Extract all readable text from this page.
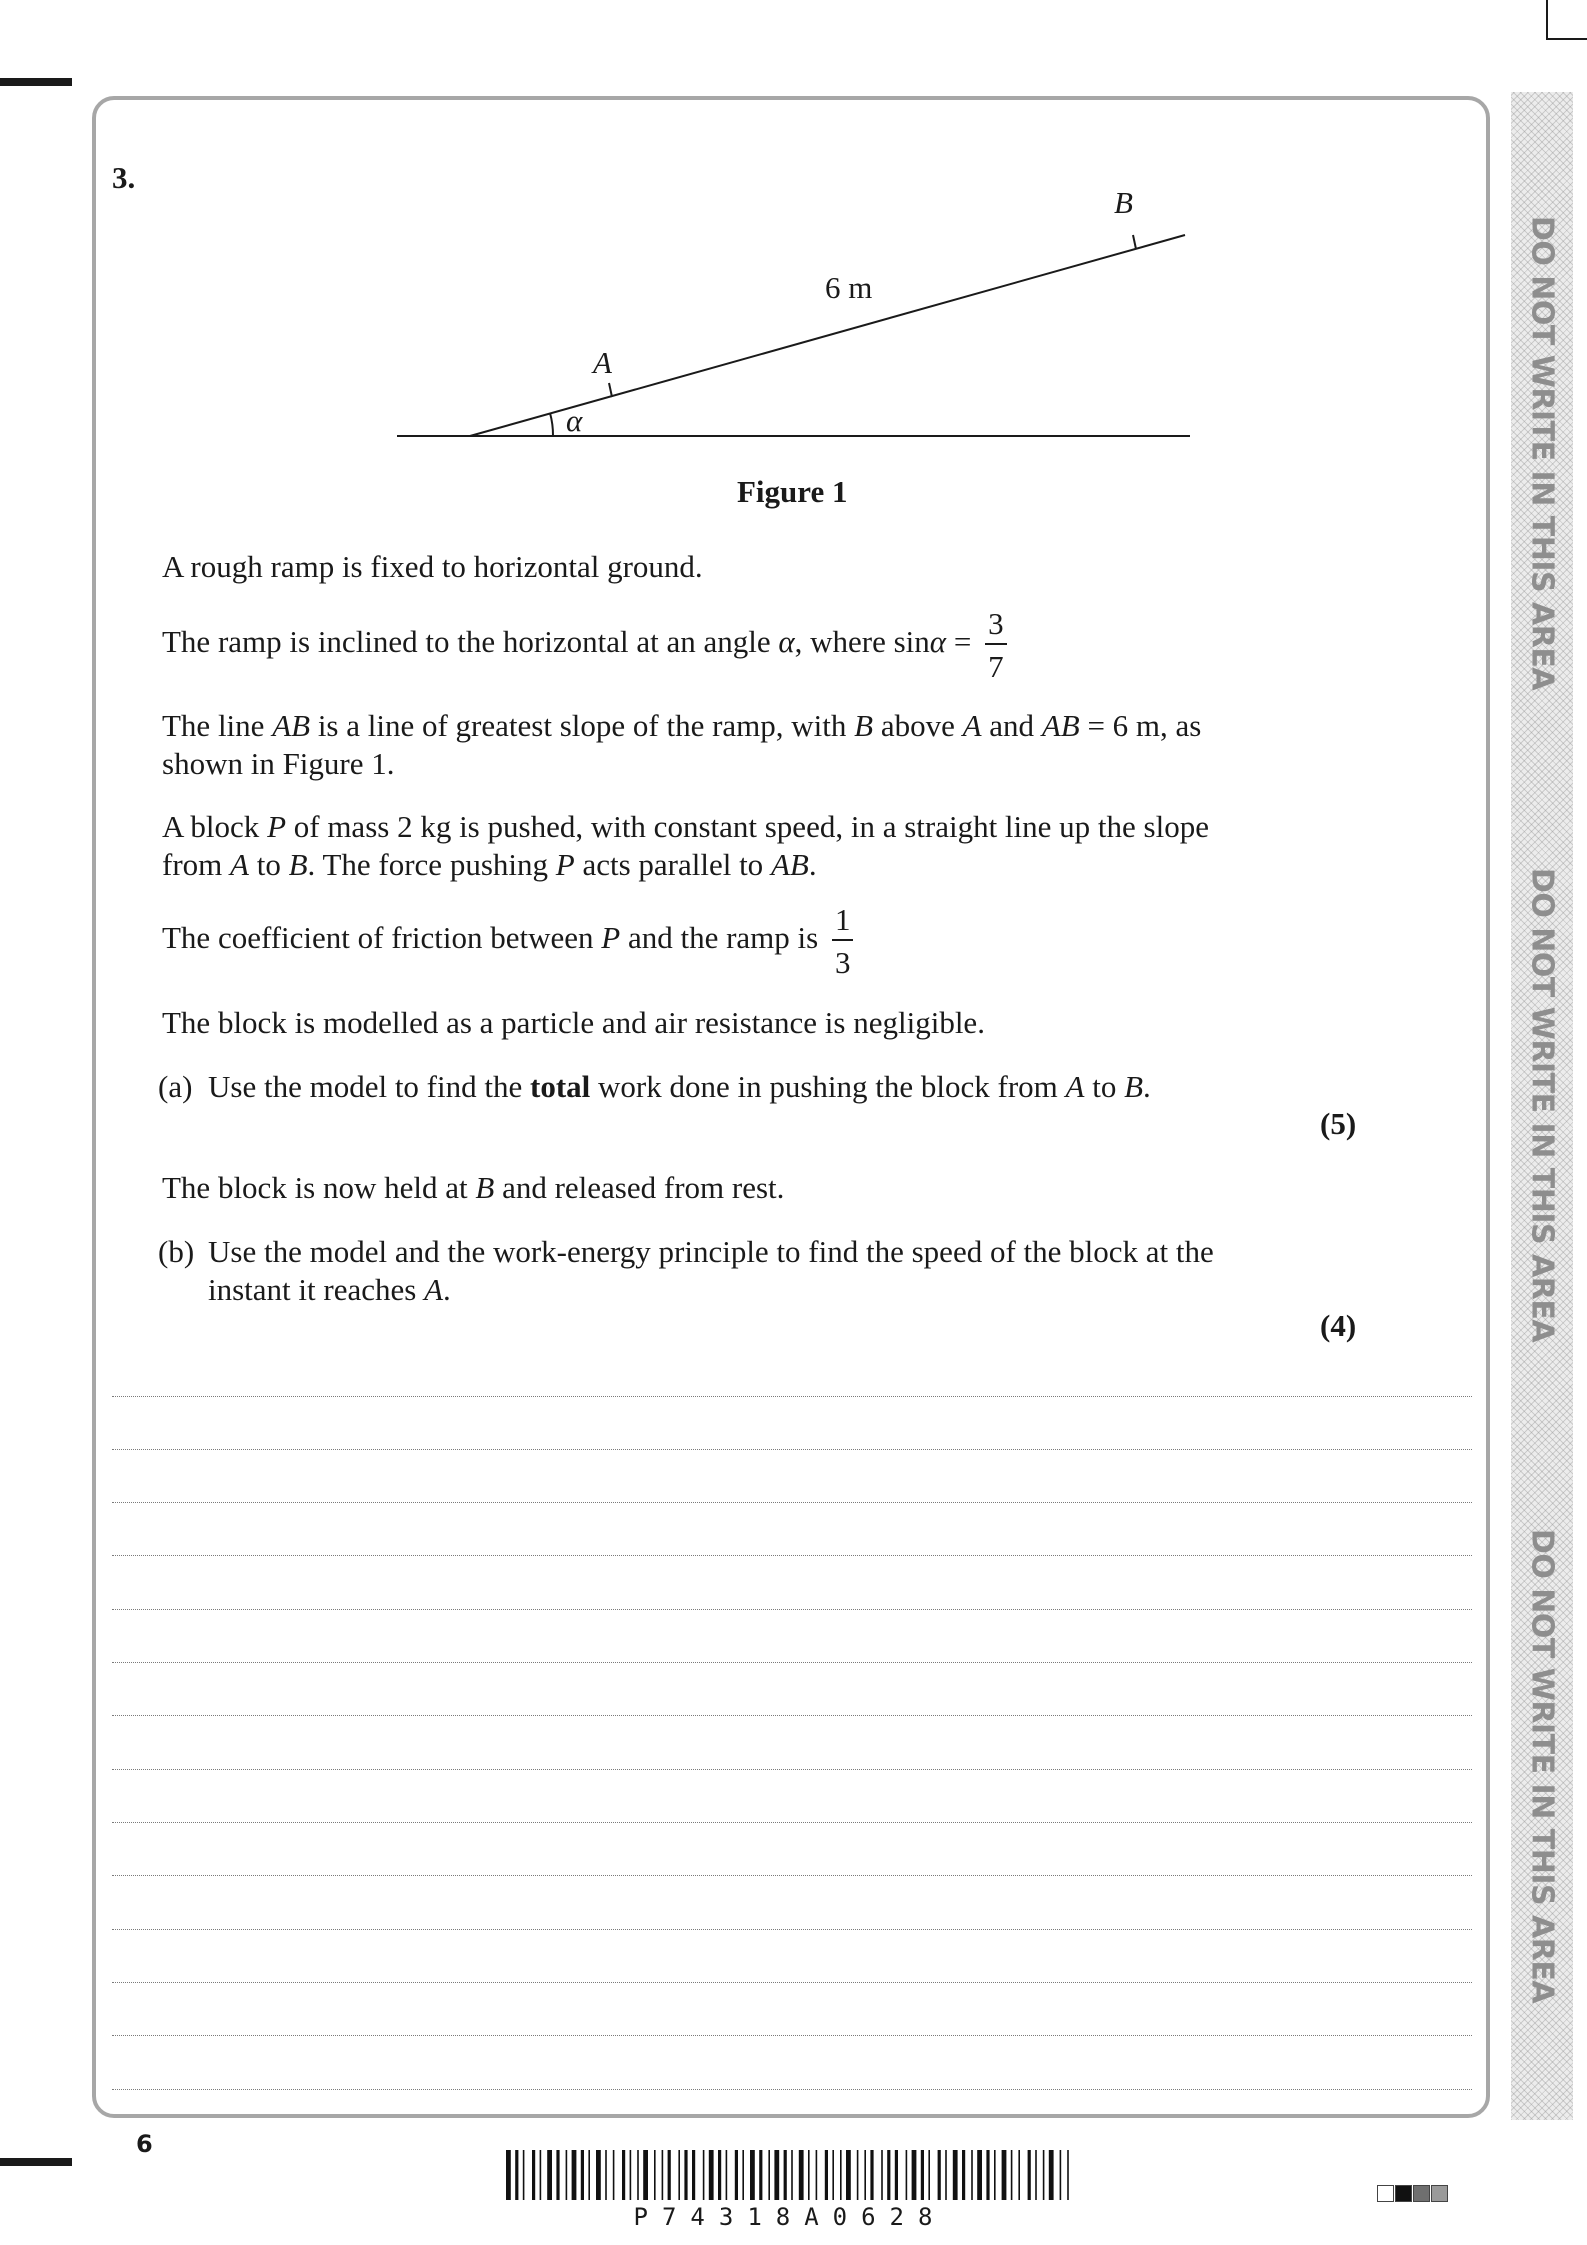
DO NOT WRITE IN THIS AREA
DO NOT WRITE IN THIS AREA
DO NOT WRITE IN THIS AREA
3.
A
B
6 m
α
Figure 1
A rough ramp is fixed to horizontal ground.
The ramp is inclined to the horizontal at an angle α, where $\sin\alpha = \frac{3}{7}$
The line AB is a line of greatest slope of the ramp, with B above A and AB = 6 m, as shown in Figure 1.
A block P of mass 2 kg is pushed, with constant speed, in a straight line up the slope from A to B. The force pushing P acts parallel to AB.
The coefficient of friction between P and the ramp is $\frac{1}{3}$
The block is modelled as a particle and air resistance is negligible.
(a) Use the model to find the total work done in pushing the block from A to B.
(5)
The block is now held at B and released from rest.
(b) Use the model and the work-energy principle to find the speed of the block at the instant it reaches A.
(4)
6
P74318A0628
